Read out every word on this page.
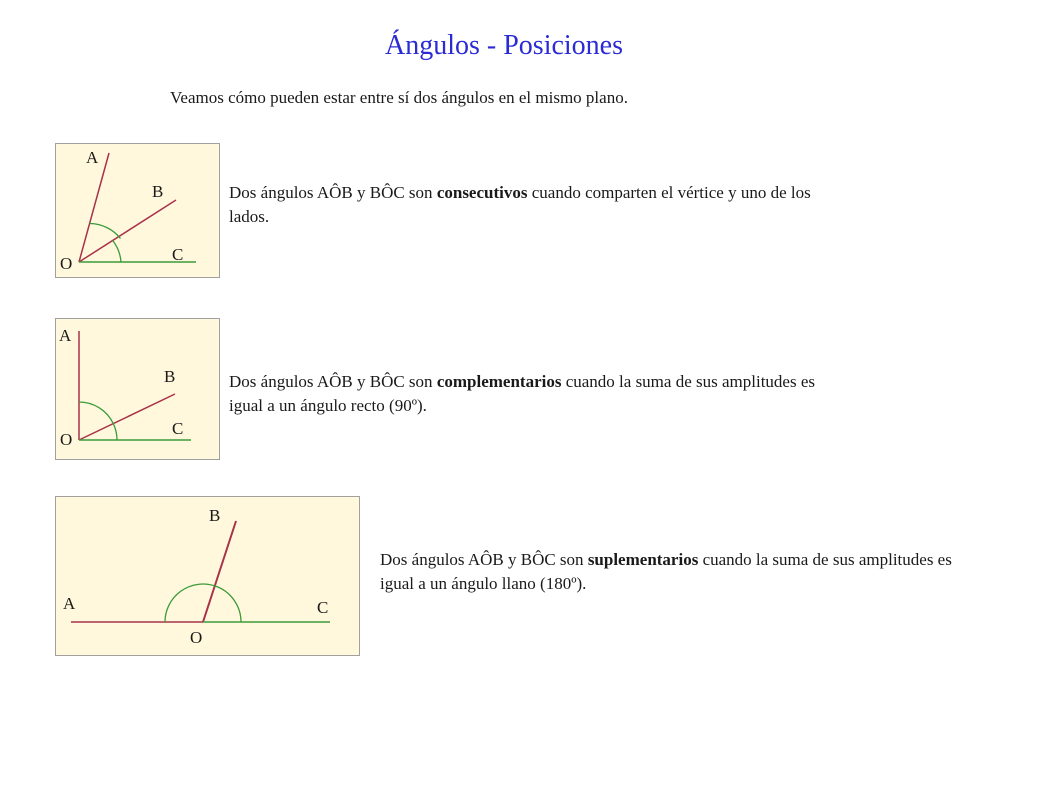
Ángulos - Posiciones
Veamos cómo pueden estar entre sí dos ángulos en el mismo plano.
A
B
C
O
Dos ángulos AÔB y BÔC son consecutivos cuando comparten el vértice y uno de los lados.
A
B
C
O
Dos ángulos AÔB y BÔC son complementarios cuando la suma de sus amplitudes es igual a un ángulo recto (90º).
B
A	C
O
Dos ángulos AÔB y BÔC son suplementarios cuando la suma de sus amplitudes es igual a un ángulo llano (180º).
